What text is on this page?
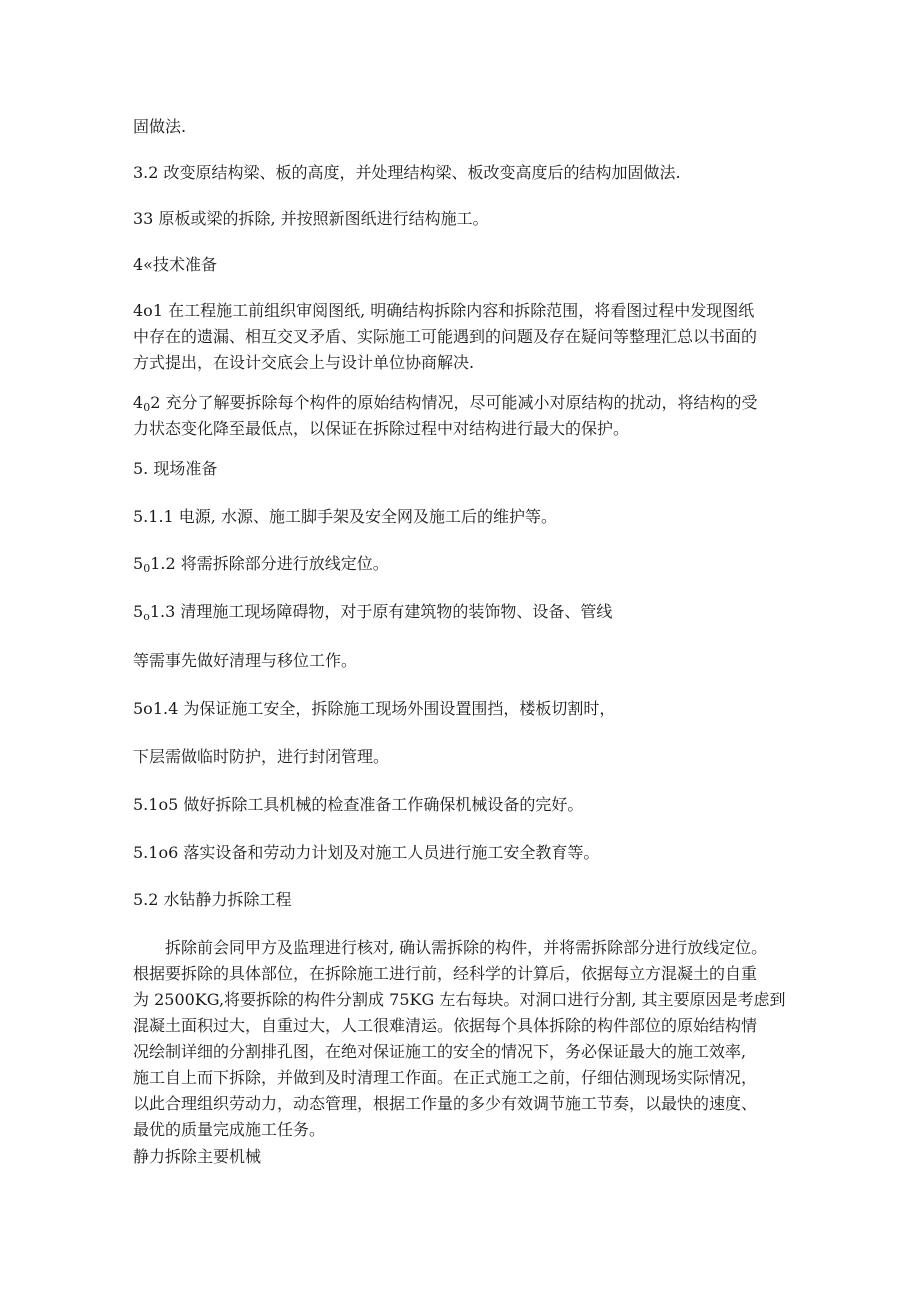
固做法.
3.2 改变原结构梁、板的高度，并处理结构梁、板改变高度后的结构加固做法.
33 原板或梁的拆除, 并按照新图纸进行结构施工。
4«技术准备
4o1 在工程施工前组织审阅图纸, 明确结构拆除内容和拆除范围，将看图过程中发现图纸
中存在的遗漏、相互交叉矛盾、实际施工可能遇到的问题及存在疑问等整理汇总以书面的
方式提出，在设计交底会上与设计单位协商解决.
$4_02$ 充分了解要拆除每个构件的原始结构情况，尽可能减小对原结构的扰动，将结构的受
力状态变化降至最低点，以保证在拆除过程中对结构进行最大的保护。
5. 现场准备
5.1.1 电源, 水源、施工脚手架及安全网及施工后的维护等。
$5_01.2$ 将需拆除部分进行放线定位。
$5_o1.3$ 清理施工现场障碍物，对于原有建筑物的装饰物、设备、管线
等需事先做好清理与移位工作。
5o1.4 为保证施工安全，拆除施工现场外围设置围挡，楼板切割时，
下层需做临时防护，进行封闭管理。
5.1o5 做好拆除工具机械的检查准备工作确保机械设备的完好。
5.1o6 落实设备和劳动力计划及对施工人员进行施工安全教育等。
5.2 水钻静力拆除工程
　　拆除前会同甲方及监理进行核对, 确认需拆除的构件，并将需拆除部分进行放线定位。
根据要拆除的具体部位，在拆除施工进行前，经科学的计算后，依据每立方混凝土的自重
为 2500KG,将要拆除的构件分割成 75KG 左右每块。对洞口进行分割, 其主要原因是考虑到
混凝土面积过大，自重过大，人工很难清运。依据每个具体拆除的构件部位的原始结构情
况绘制详细的分割排孔图，在绝对保证施工的安全的情况下，务必保证最大的施工效率,
施工自上而下拆除，并做到及时清理工作面。在正式施工之前，仔细估测现场实际情况，
以此合理组织劳动力，动态管理，根据工作量的多少有效调节施工节奏，以最快的速度、
最优的质量完成施工任务。
静力拆除主要机械
